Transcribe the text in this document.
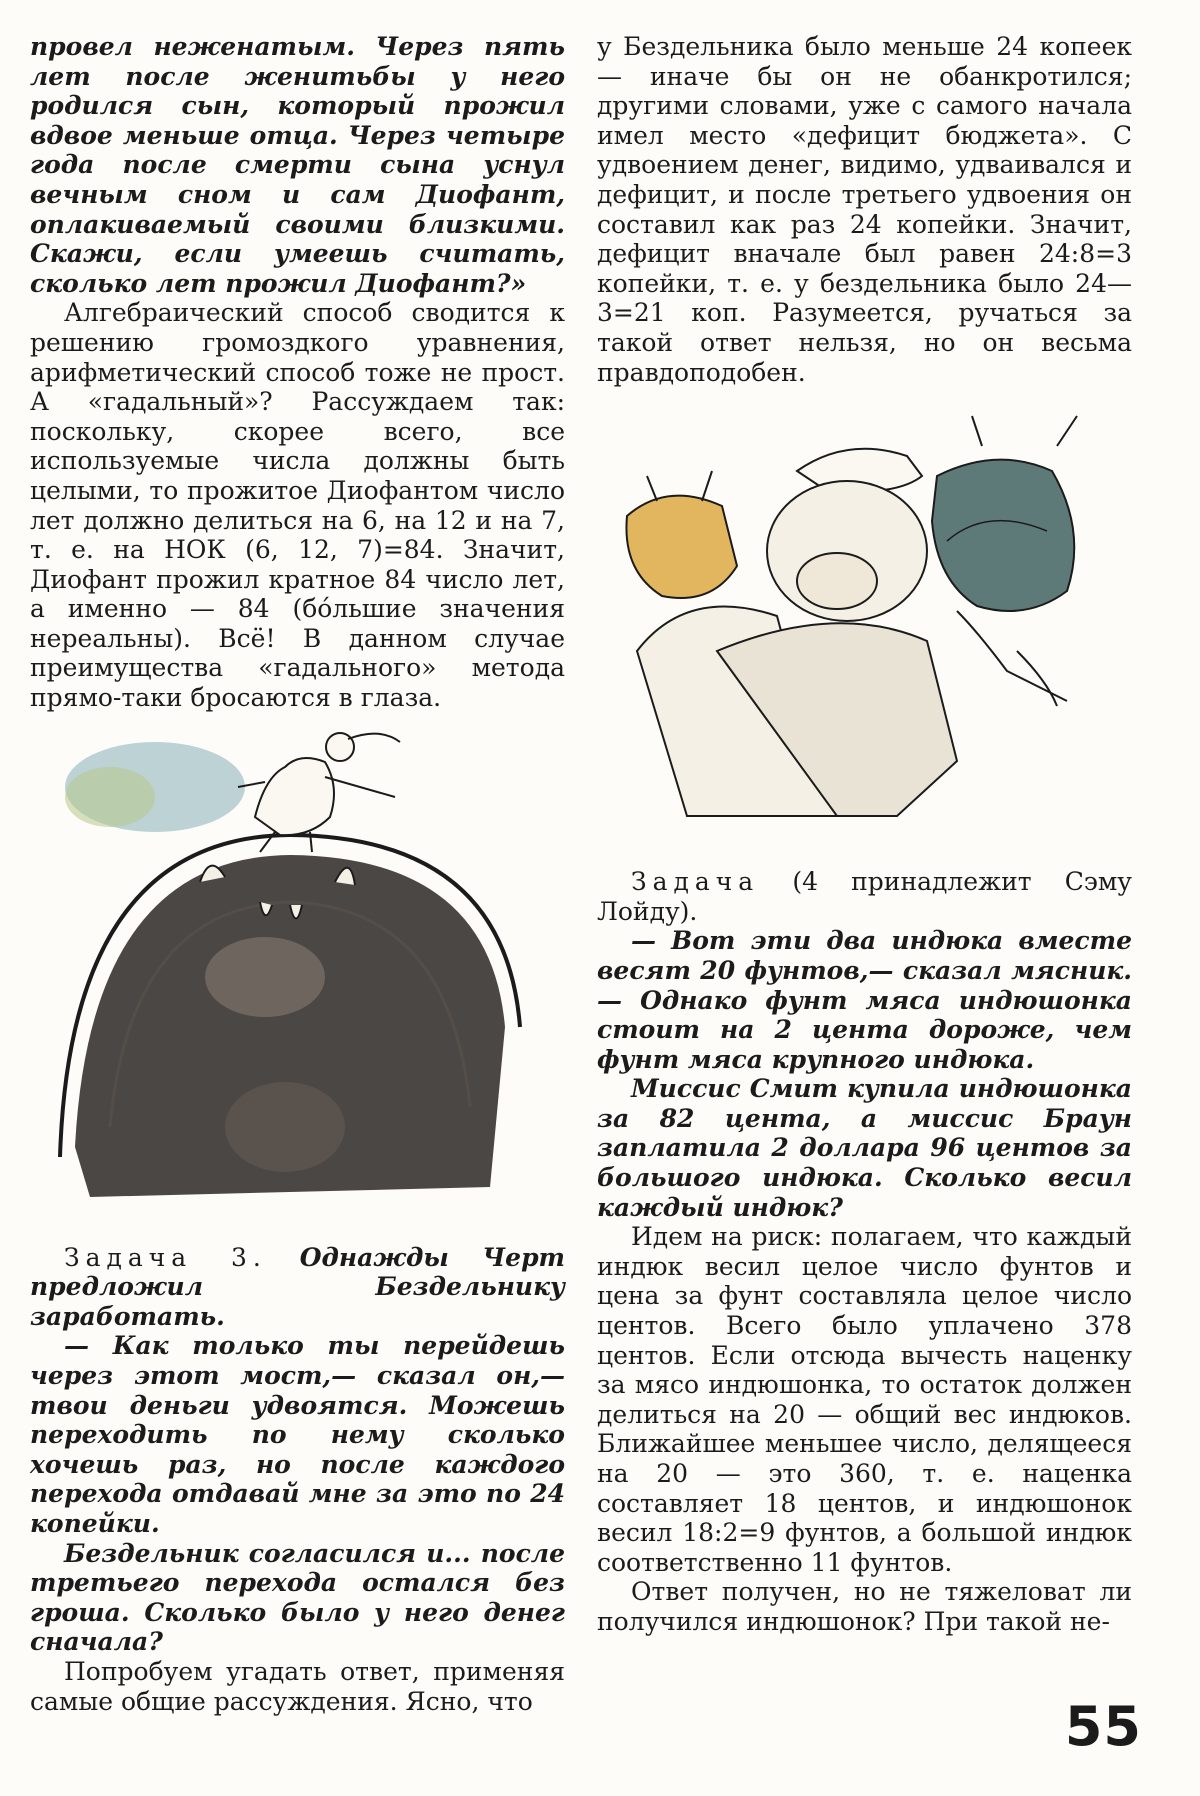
провел неженатым. Через пять лет после женитьбы у него родился сын, который прожил вдвое меньше отца. Через четыре года после смерти сына уснул вечным сном и сам Диофант, оплакиваемый своими близкими. Скажи, если умеешь считать, сколько лет прожил Диофант?»

Алгебраический способ сводится к решению громоздкого уравнения, арифметический способ тоже не прост. А «гадальный»? Рассуждаем так: поскольку, скорее всего, все используемые числа должны быть целыми, то прожитое Диофантом число лет должно делиться на 6, на 12 и на 7, т. е. на НОК (6, 12, 7)=84. Значит, Диофант прожил кратное 84 число лет, а именно — 84 (бо́льшие значения нереальны). Всё! В данном случае преимущества «гадального» метода прямо-таки бросаются в глаза.

Задача 3. Однажды Черт предложил Бездельнику заработать.

— Как только ты перейдешь через этот мост,— сказал он,— твои деньги удвоятся. Можешь переходить по нему сколько хочешь раз, но после каждого перехода отдавай мне за это по 24 копейки.

Бездельник согласился и... после третьего перехода остался без гроша. Сколько было у него денег сначала?

Попробуем угадать ответ, применяя самые общие рассуждения. Ясно, что

у Бездельника было меньше 24 копеек — иначе бы он не обанкротился; другими словами, уже с самого начала имел место «дефицит бюджета». С удвоением денег, видимо, удваивался и дефицит, и после третьего удвоения он составил как раз 24 копейки. Значит, дефицит вначале был равен 24:8=3 копейки, т. е. у бездельника было 24—3=21 коп. Разумеется, ручаться за такой ответ нельзя, но он весьма правдоподобен.

Задача (4 принадлежит Сэму Лойду).

— Вот эти два индюка вместе весят 20 фунтов,— сказал мясник.— Однако фунт мяса индюшонка стоит на 2 цента дороже, чем фунт мяса крупного индюка.

Миссис Смит купила индюшонка за 82 цента, а миссис Браун заплатила 2 доллара 96 центов за большого индюка. Сколько весил каждый индюк?

Идем на риск: полагаем, что каждый индюк весил целое число фунтов и цена за фунт составляла целое число центов. Всего было уплачено 378 центов. Если отсюда вычесть наценку за мясо индюшонка, то остаток должен делиться на 20 — общий вес индюков. Ближайшее меньшее число, делящееся на 20 — это 360, т. е. наценка составляет 18 центов, и индюшонок весил 18:2=9 фунтов, а большой индюк соответственно 11 фунтов.

Ответ получен, но не тяжеловат ли получился индюшонок? При такой не-

55
